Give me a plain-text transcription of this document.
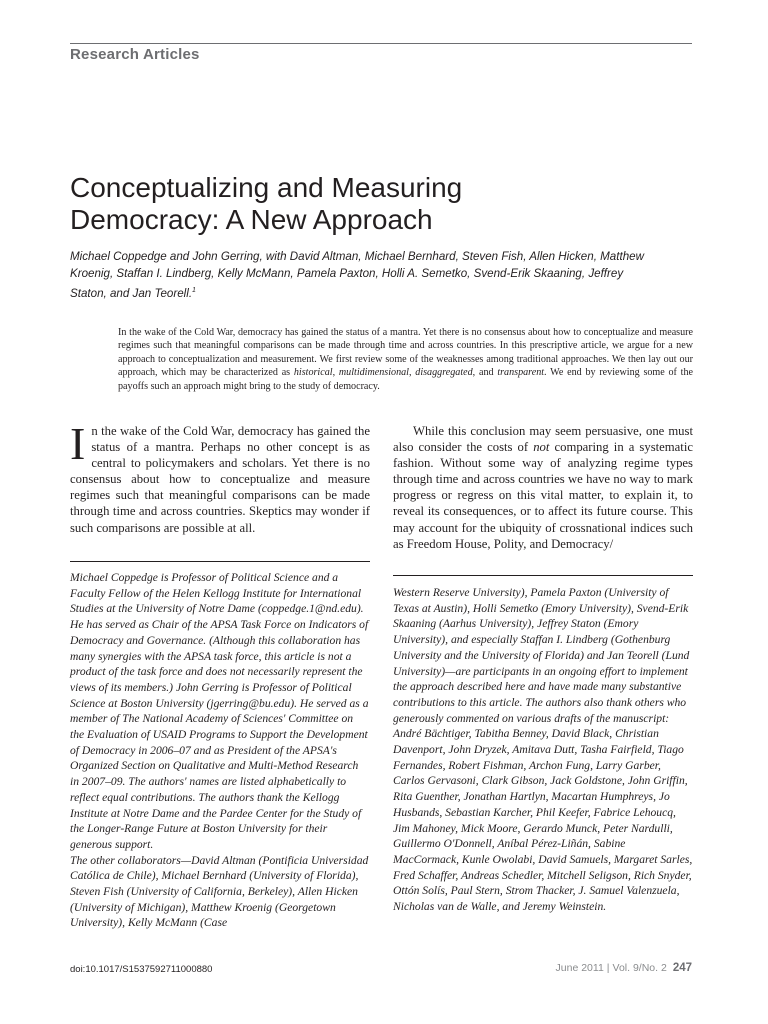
Research Articles
Conceptualizing and Measuring
Democracy: A New Approach

Michael Coppedge and John Gerring, with David Altman, Michael Bernhard, Steven Fish, Allen Hicken, Matthew Kroenig, Staffan I. Lindberg, Kelly McMann, Pamela Paxton, Holli A. Semetko, Svend-Erik Skaaning, Jeffrey Staton, and Jan Teorell.$^1$

In the wake of the Cold War, democracy has gained the status of a mantra. Yet there is no consensus about how to conceptualize and measure regimes such that meaningful comparisons can be made through time and across countries. In this prescriptive article, we argue for a new approach to conceptualization and measurement. We first review some of the weaknesses among traditional approaches. We then lay out our approach, which may be characterized as historical, multidimensional, disaggregated, and transparent. We end by reviewing some of the payoffs such an approach might bring to the study of democracy.

In the wake of the Cold War, democracy has gained the status of a mantra. Perhaps no other concept is as central to policymakers and scholars. Yet there is no consensus about how to conceptualize and measure regimes such that meaningful comparisons can be made through time and across countries. Skeptics may wonder if such comparisons are possible at all.

While this conclusion may seem persuasive, one must also consider the costs of not comparing in a systematic fashion. Without some way of analyzing regime types through time and across countries we have no way to mark progress or regress on this vital matter, to explain it, to reveal its consequences, or to affect its future course. This may account for the ubiquity of crossnational indices such as Freedom House, Polity, and Democracy/

Michael Coppedge is Professor of Political Science and a Faculty Fellow of the Helen Kellogg Institute for International Studies at the University of Notre Dame (coppedge.1@nd.edu). He has served as Chair of the APSA Task Force on Indicators of Democracy and Governance. (Although this collaboration has many synergies with the APSA task force, this article is not a product of the task force and does not necessarily represent the views of its members.) John Gerring is Professor of Political Science at Boston University (jgerring@bu.edu). He served as a member of The National Academy of Sciences' Committee on the Evaluation of USAID Programs to Support the Development of Democracy in 2006–07 and as President of the APSA's Organized Section on Qualitative and Multi-Method Research in 2007–09. The authors' names are listed alphabetically to reflect equal contributions. The authors thank the Kellogg Institute at Notre Dame and the Pardee Center for the Study of the Longer-Range Future at Boston University for their generous support.

The other collaborators—David Altman (Pontificia Universidad Católica de Chile), Michael Bernhard (University of Florida), Steven Fish (University of California, Berkeley), Allen Hicken (University of Michigan), Matthew Kroenig (Georgetown University), Kelly McMann (Case

Western Reserve University), Pamela Paxton (University of Texas at Austin), Holli Semetko (Emory University), Svend-Erik Skaaning (Aarhus University), Jeffrey Staton (Emory University), and especially Staffan I. Lindberg (Gothenburg University and the University of Florida) and Jan Teorell (Lund University)—are participants in an ongoing effort to implement the approach described here and have made many substantive contributions to this article. The authors also thank others who generously commented on various drafts of the manuscript: André Bächtiger, Tabitha Benney, David Black, Christian Davenport, John Dryzek, Amitava Dutt, Tasha Fairfield, Tiago Fernandes, Robert Fishman, Archon Fung, Larry Garber, Carlos Gervasoni, Clark Gibson, Jack Goldstone, John Griffin, Rita Guenther, Jonathan Hartlyn, Macartan Humphreys, Jo Husbands, Sebastian Karcher, Phil Keefer, Fabrice Lehoucq, Jim Mahoney, Mick Moore, Gerardo Munck, Peter Nardulli, Guillermo O'Donnell, Aníbal Pérez-Liñán, Sabine MacCormack, Kunle Owolabi, David Samuels, Margaret Sarles, Fred Schaffer, Andreas Schedler, Mitchell Seligson, Rich Snyder, Ottón Solís, Paul Stern, Strom Thacker, J. Samuel Valenzuela, Nicholas van de Walle, and Jeremy Weinstein.

doi:10.1017/S1537592711000880	June 2011 | Vol. 9/No. 2 247
